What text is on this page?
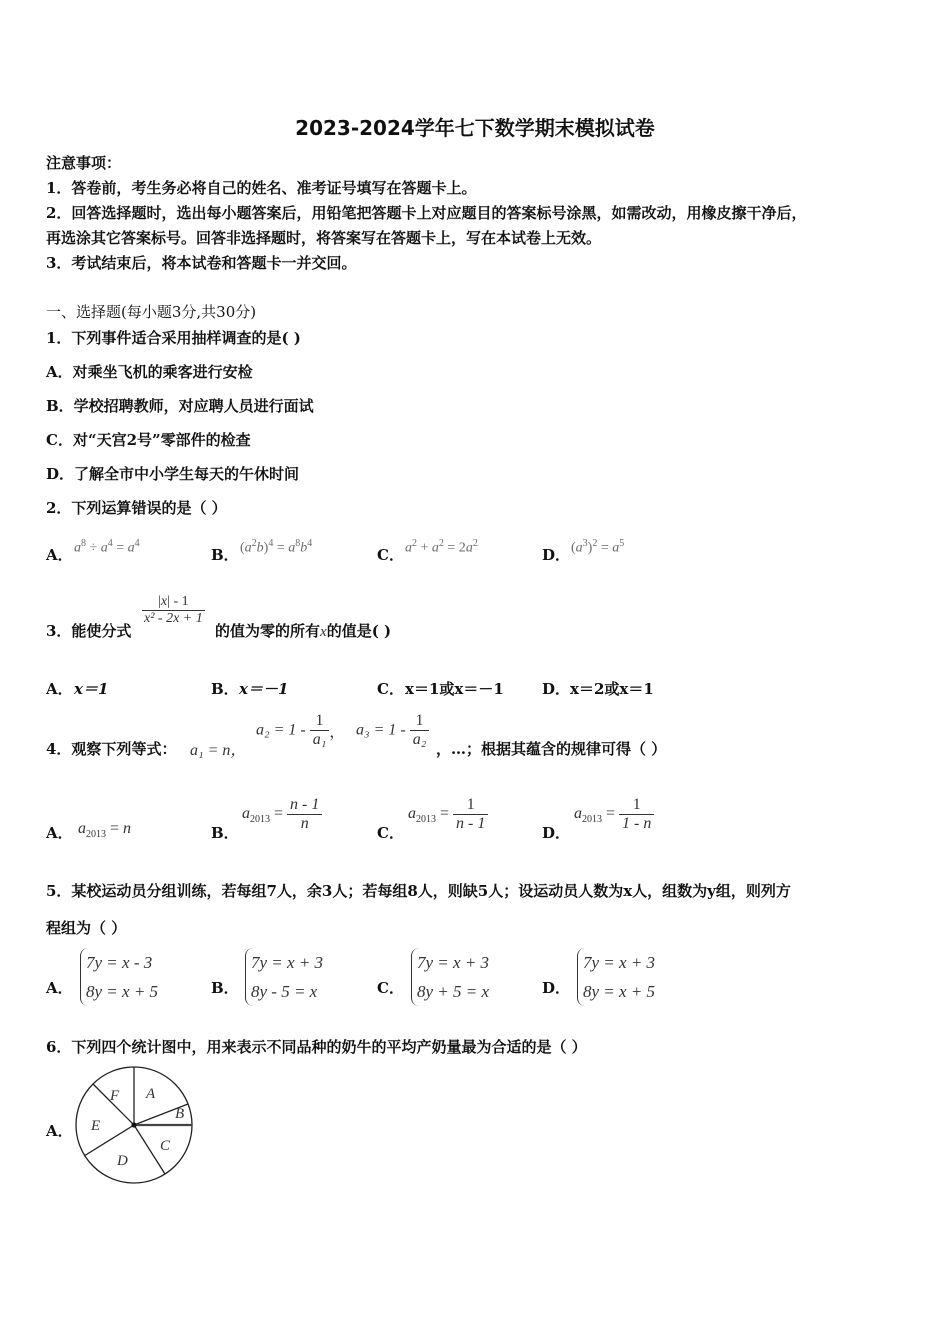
2023-2024学年七下数学期末模拟试卷
注意事项：
1．答卷前，考生务必将自己的姓名、准考证号填写在答题卡上。
2．回答选择题时，选出每小题答案后，用铅笔把答题卡上对应题目的答案标号涂黑，如需改动，用橡皮擦干净后，
再选涂其它答案标号。回答非选择题时，将答案写在答题卡上，写在本试卷上无效。
3．考试结束后，将本试卷和答题卡一并交回。
一、选择题(每小题3分,共30分)
1．下列事件适合采用抽样调查的是( )
A．对乘坐飞机的乘客进行安检
B．学校招聘教师，对应聘人员进行面试
C．对“天宫2号”零部件的检查
D．了解全市中小学生每天的午休时间
2．下列运算错误的是（ ）
A． $a^8 \div a^4 = a^4$
B． $(a^2b)^4 = a^8b^4$
C． $a^2 + a^2 = 2a^2$
D． $(a^3)^2 = a^5$
3．能使分式
$\frac{|x| - 1}{\text{x² - 2x + 1}}$
的值为零的所有x的值是( )
A． x＝1	B． x＝－1	C． x＝1或x＝－1	D． x＝2或x＝1
4．观察下列等式： a₁ = n，
$a_2 = 1 - \frac{1}{\text{a₁}}$ ， $a_3 = 1 - \frac{1}{\text{a₂}}$ ，…；根据其蕴含的规律可得（ ）
A． $a_{2013} = n$	B．
$a_{2013} = \frac{n - 1}{n}$	C．
$a_{2013} = \frac{1}{n - 1}$	D．
$a_{2013} = \frac{1}{1 - n}$
5．某校运动员分组训练，若每组7人，余3人；若每组8人，则缺5人；设运动员人数为x人，组数为y组，则列方
程组为（ ）
A．
7y = x - 3
8y = x + 5	B．
7y = x + 3
8y - 5 = x	C．
7y = x + 3
8y + 5 = x	D．
7y = x + 3
8y = x + 5
6．下列四个统计图中，用来表示不同品种的奶牛的平均产奶量最为合适的是（ ）
A．
A
B
C
D
E
F
